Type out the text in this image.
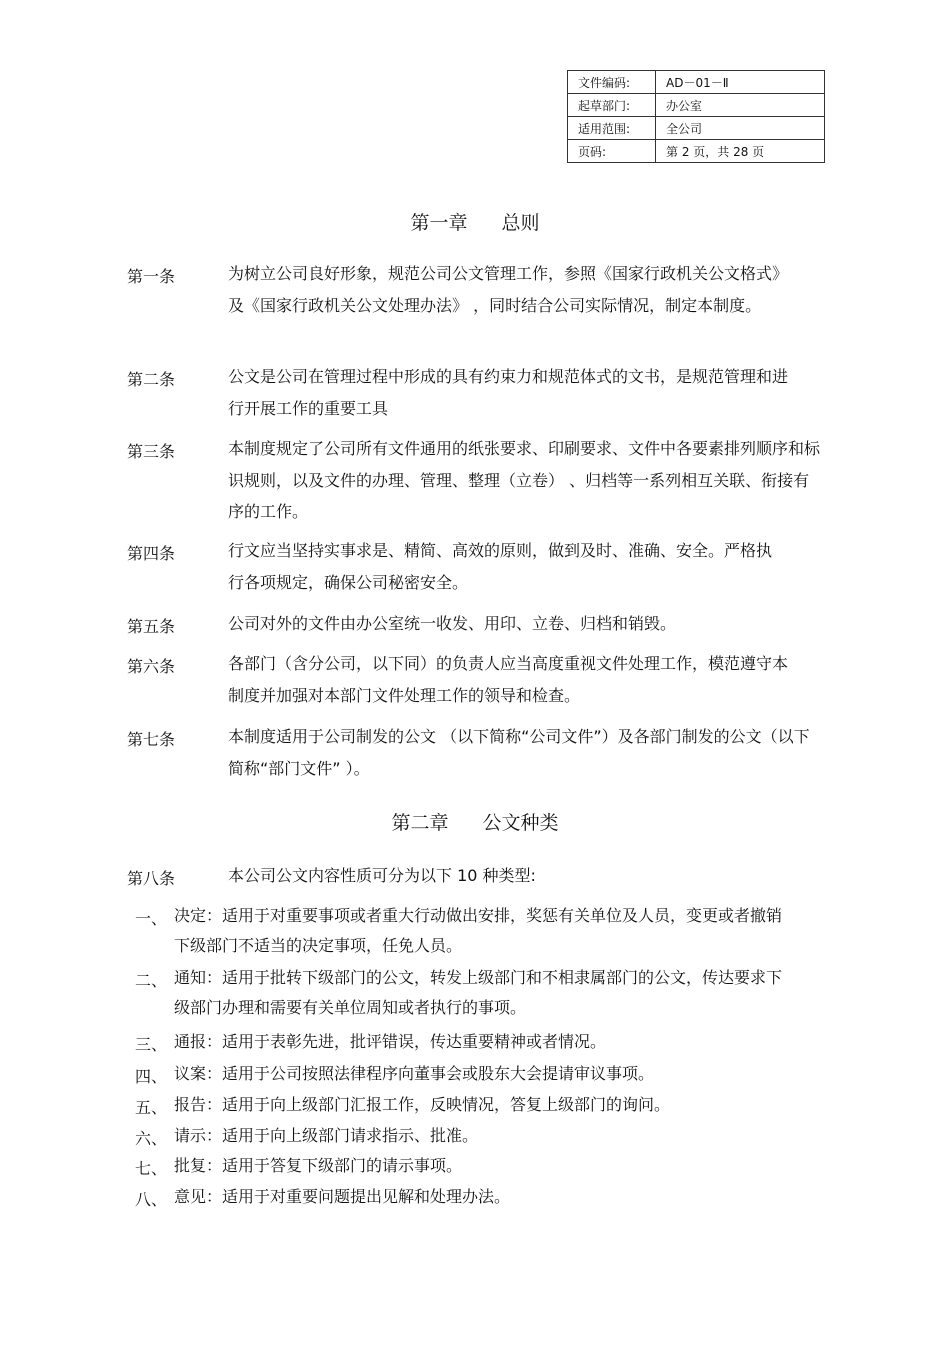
文件编码:	AD－01－Ⅱ
起草部门:	办公室
适用范围:	全公司
页码:	第 2 页，共 28 页
第一章 总则
第一条	为树立公司良好形象，规范公司公文管理工作，参照《国家行政机关公文格式》及《国家行政机关公文处理办法》 ，同时结合公司实际情况，制定本制度。
第二条	公文是公司在管理过程中形成的具有约束力和规范体式的文书，是规范管理和进行开展工作的重要工具
第三条	本制度规定了公司所有文件通用的纸张要求、印刷要求、文件中各要素排列顺序和标识规则，以及文件的办理、管理、整理（立卷） 、归档等一系列相互关联、衔接有序的工作。
第四条	行文应当坚持实事求是、精简、高效的原则，做到及时、准确、安全。严格执行各项规定，确保公司秘密安全。
第五条	公司对外的文件由办公室统一收发、用印、立卷、归档和销毁。
第六条	各部门（含分公司，以下同）的负责人应当高度重视文件处理工作，模范遵守本制度并加强对本部门文件处理工作的领导和检查。
第七条	本制度适用于公司制发的公文 （以下简称“公司文件”）及各部门制发的公文（以下简称“部门文件” ）。
第二章 公文种类
第八条	本公司公文内容性质可分为以下 10 种类型:
一、 决定：适用于对重要事项或者重大行动做出安排，奖惩有关单位及人员，变更或者撤销下级部门不适当的决定事项，任免人员。
二、 通知：适用于批转下级部门的公文，转发上级部门和不相隶属部门的公文，传达要求下级部门办理和需要有关单位周知或者执行的事项。
三、 通报：适用于表彰先进，批评错误，传达重要精神或者情况。
四、 议案：适用于公司按照法律程序向董事会或股东大会提请审议事项。
五、 报告：适用于向上级部门汇报工作，反映情况，答复上级部门的询问。
六、 请示：适用于向上级部门请求指示、批准。
七、 批复：适用于答复下级部门的请示事项。
八、 意见：适用于对重要问题提出见解和处理办法。
